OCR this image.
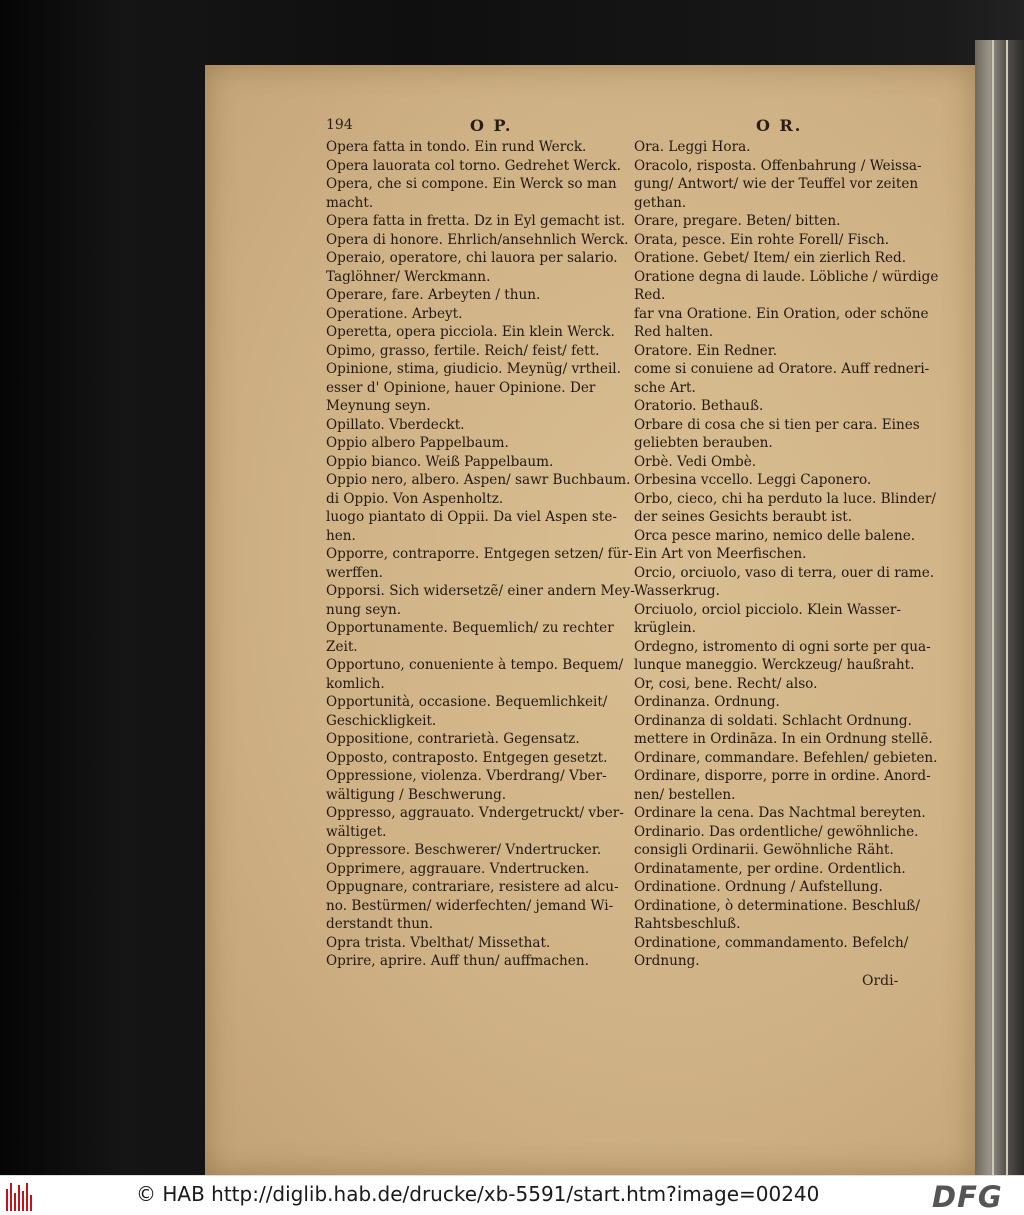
194	O P.	O R.
Opera fatta in tondo. Ein rund Werck.
Opera lauorata col torno. Gedrehet Werck.
Opera, che si compone. Ein Werck so man
macht.
Opera fatta in fretta. Dz in Eyl gemacht ist.
Opera di honore. Ehrlich/ansehnlich Werck.
Operaio, operatore, chi lauora per salario.
Taglöhner/ Werckmann.
Operare, fare. Arbeyten / thun.
Operatione. Arbeyt.
Operetta, opera picciola. Ein klein Werck.
Opimo, grasso, fertile. Reich/ feist/ fett.
Opinione, stima, giudicio. Meynüg/ vrtheil.
esser d' Opinione, hauer Opinione. Der
Meynung seyn.
Opillato. Vberdeckt.
Oppio albero Pappelbaum.
Oppio bianco. Weiß Pappelbaum.
Oppio nero, albero. Aspen/ sawr Buchbaum.
di Oppio. Von Aspenholtz.
luogo piantato di Oppii. Da viel Aspen ste-
hen.
Opporre, contraporre. Entgegen setzen/ für-
werffen.
Opporsi. Sich widersetzẽ/ einer andern Mey-
nung seyn.
Opportunamente. Bequemlich/ zu rechter
Zeit.
Opportuno, conueniente à tempo. Bequem/
komlich.
Opportunità, occasione. Bequemlichkeit/
Geschickligkeit.
Oppositione, contrarietà. Gegensatz.
Opposto, contraposto. Entgegen gesetzt.
Oppressione, violenza. Vberdrang/ Vber-
wältigung / Beschwerung.
Oppresso, aggrauato. Vndergetruckt/ vber-
wältiget.
Oppressore. Beschwerer/ Vndertrucker.
Opprimere, aggrauare. Vndertrucken.
Oppugnare, contrariare, resistere ad alcu-
no. Bestürmen/ widerfechten/ jemand Wi-
derstandt thun.
Opra trista. Vbelthat/ Missethat.
Oprire, aprire. Auff thun/ auffmachen.
Ora. Leggi Hora.
Oracolo, risposta. Offenbahrung / Weissa-
gung/ Antwort/ wie der Teuffel vor zeiten
gethan.
Orare, pregare. Beten/ bitten.
Orata, pesce. Ein rohte Forell/ Fisch.
Oratione. Gebet/ Item/ ein zierlich Red.
Oratione degna di laude. Löbliche / würdige
Red.
far vna Oratione. Ein Oration, oder schöne
Red halten.
Oratore. Ein Redner.
come si conuiene ad Oratore. Auff redneri-
sche Art.
Oratorio. Bethauß.
Orbare di cosa che si tien per cara. Eines
geliebten berauben.
Orbè. Vedi Ombè.
Orbesina vccello. Leggi Caponero.
Orbo, cieco, chi ha perduto la luce. Blinder/
der seines Gesichts beraubt ist.
Orca pesce marino, nemico delle balene.
Ein Art von Meerfischen.
Orcio, orciuolo, vaso di terra, ouer di rame.
Wasserkrug.
Orciuolo, orciol picciolo. Klein Wasser-
krüglein.
Ordegno, istromento di ogni sorte per qua-
lunque maneggio. Werckzeug/ haußraht.
Or, cosi, bene. Recht/ also.
Ordinanza. Ordnung.
Ordinanza di soldati. Schlacht Ordnung.
mettere in Ordināza. In ein Ordnung stellē.
Ordinare, commandare. Befehlen/ gebieten.
Ordinare, disporre, porre in ordine. Anord-
nen/ bestellen.
Ordinare la cena. Das Nachtmal bereyten.
Ordinario. Das ordentliche/ gewöhnliche.
consigli Ordinarii. Gewöhnliche Räht.
Ordinatamente, per ordine. Ordentlich.
Ordinatione. Ordnung / Aufstellung.
Ordinatione, ò determinatione. Beschluß/
Rahtsbeschluß.
Ordinatione, commandamento. Befelch/
Ordnung.
Ordi-
© HAB http://diglib.hab.de/drucke/xb-5591/start.htm?image=00240	DFG
